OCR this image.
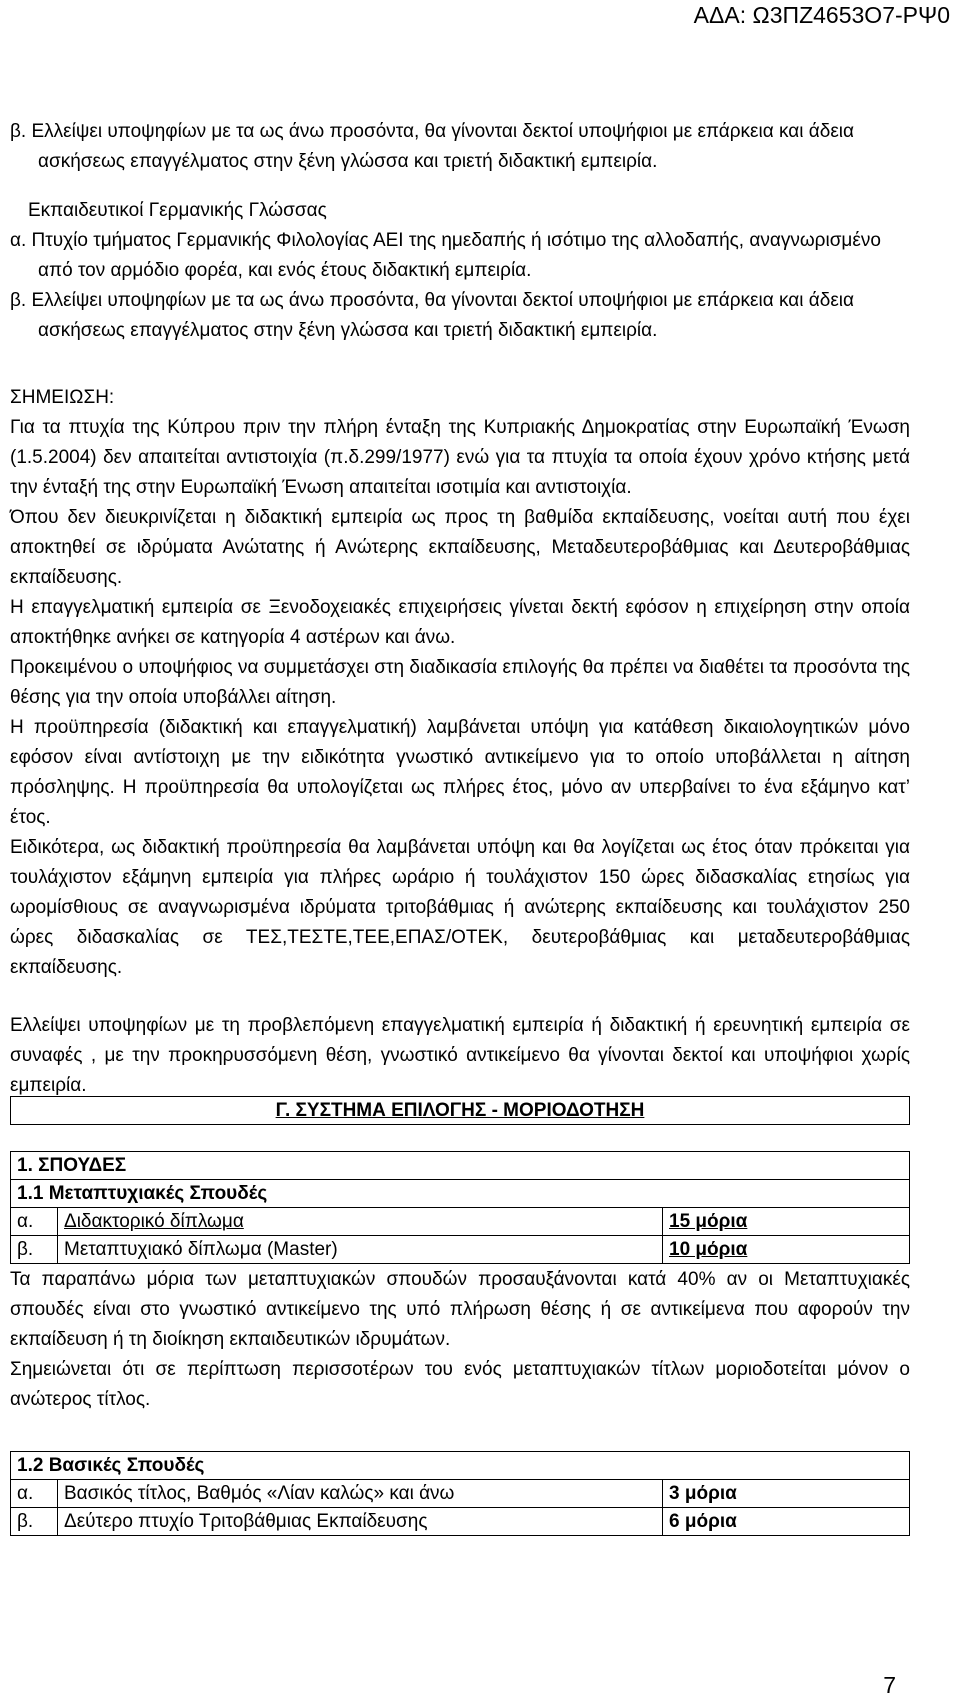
ΑΔΑ: Ω3ΠΖ4653Ο7-ΡΨ0

β. Ελλείψει υποψηφίων με τα ως άνω προσόντα, θα γίνονται δεκτοί υποψήφιοι με επάρκεια και άδεια ασκήσεως επαγγέλματος στην ξένη γλώσσα και τριετή διδακτική εμπειρία.

Εκπαιδευτικοί Γερμανικής Γλώσσας

α. Πτυχίο τμήματος Γερμανικής Φιλολογίας ΑΕΙ της ημεδαπής ή ισότιμο της αλλοδαπής, αναγνωρισμένο από τον αρμόδιο φορέα, και ενός έτους διδακτική εμπειρία.

β. Ελλείψει υποψηφίων με τα ως άνω προσόντα, θα γίνονται δεκτοί υποψήφιοι με επάρκεια και άδεια ασκήσεως επαγγέλματος στην ξένη γλώσσα και τριετή διδακτική εμπειρία.

ΣΗΜΕΙΩΣΗ:

Για τα πτυχία της Κύπρου πριν την πλήρη ένταξη της Κυπριακής Δημοκρατίας στην Ευρωπαϊκή Ένωση (1.5.2004) δεν απαιτείται αντιστοιχία (π.δ.299/1977) ενώ για τα πτυχία τα οποία έχουν χρόνο κτήσης μετά την ένταξή της στην Ευρωπαϊκή Ένωση απαιτείται ισοτιμία και αντιστοιχία.

Όπου δεν διευκρινίζεται η διδακτική εμπειρία ως προς τη βαθμίδα εκπαίδευσης, νοείται αυτή που έχει αποκτηθεί σε ιδρύματα Ανώτατης ή Ανώτερης εκπαίδευσης, Μεταδευτεροβάθμιας και Δευτεροβάθμιας εκπαίδευσης.

Η επαγγελματική εμπειρία σε Ξενοδοχειακές επιχειρήσεις γίνεται δεκτή εφόσον η επιχείρηση στην οποία αποκτήθηκε ανήκει σε κατηγορία 4 αστέρων και άνω.

Προκειμένου ο υποψήφιος να συμμετάσχει στη διαδικασία επιλογής θα πρέπει να διαθέτει τα προσόντα της θέσης για την οποία υποβάλλει αίτηση.

Η προϋπηρεσία (διδακτική και επαγγελματική) λαμβάνεται υπόψη για κατάθεση δικαιολογητικών μόνο εφόσον είναι αντίστοιχη με την ειδικότητα γνωστικό αντικείμενο για το οποίο υποβάλλεται η αίτηση πρόσληψης. Η προϋπηρεσία θα υπολογίζεται ως πλήρες έτος, μόνο αν υπερβαίνει το ένα εξάμηνο κατ’ έτος.

Ειδικότερα, ως διδακτική προϋπηρεσία θα λαμβάνεται υπόψη και θα λογίζεται ως έτος όταν πρόκειται για τουλάχιστον εξάμηνη εμπειρία για πλήρες ωράριο ή τουλάχιστον 150 ώρες διδασκαλίας ετησίως για ωρομίσθιους σε αναγνωρισμένα ιδρύματα τριτοβάθμιας ή ανώτερης εκπαίδευσης και τουλάχιστον 250 ώρες διδασκαλίας σε ΤΕΣ,ΤΕΣΤΕ,ΤΕΕ,ΕΠΑΣ/ΟΤΕΚ, δευτεροβάθμιας και μεταδευτεροβάθμιας εκπαίδευσης.

Ελλείψει υποψηφίων με τη προβλεπόμενη επαγγελματική εμπειρία ή διδακτική ή ερευνητική εμπειρία σε συναφές , με την προκηρυσσόμενη θέση, γνωστικό αντικείμενο θα γίνονται δεκτοί και υποψήφιοι χωρίς εμπειρία.

Γ. ΣΥΣΤΗΜΑ ΕΠΙΛΟΓΗΣ - ΜΟΡΙΟΔΟΤΗΣΗ
1. ΣΠΟΥΔΕΣ		
1.1 Μεταπτυχιακές Σπουδές		
α.	Διδακτορικό δίπλωμα	15 μόρια
β.	Μεταπτυχιακό δίπλωμα (Master)	10 μόρια

Τα παραπάνω μόρια των μεταπτυχιακών σπουδών προσαυξάνονται κατά 40% αν οι Μεταπτυχιακές σπουδές είναι στο γνωστικό αντικείμενο της υπό πλήρωση θέσης ή σε αντικείμενα που αφορούν την εκπαίδευση ή τη διοίκηση εκπαιδευτικών ιδρυμάτων.

Σημειώνεται ότι σε περίπτωση περισσοτέρων του ενός μεταπτυχιακών τίτλων μοριοδοτείται μόνον ο ανώτερος τίτλος.

1.2 Βασικές Σπουδές		
α.	Βασικός τίτλος, Βαθμός «Λίαν καλώς» και άνω	3 μόρια
β.	Δεύτερο πτυχίο Τριτοβάθμιας Εκπαίδευσης	6 μόρια
7
